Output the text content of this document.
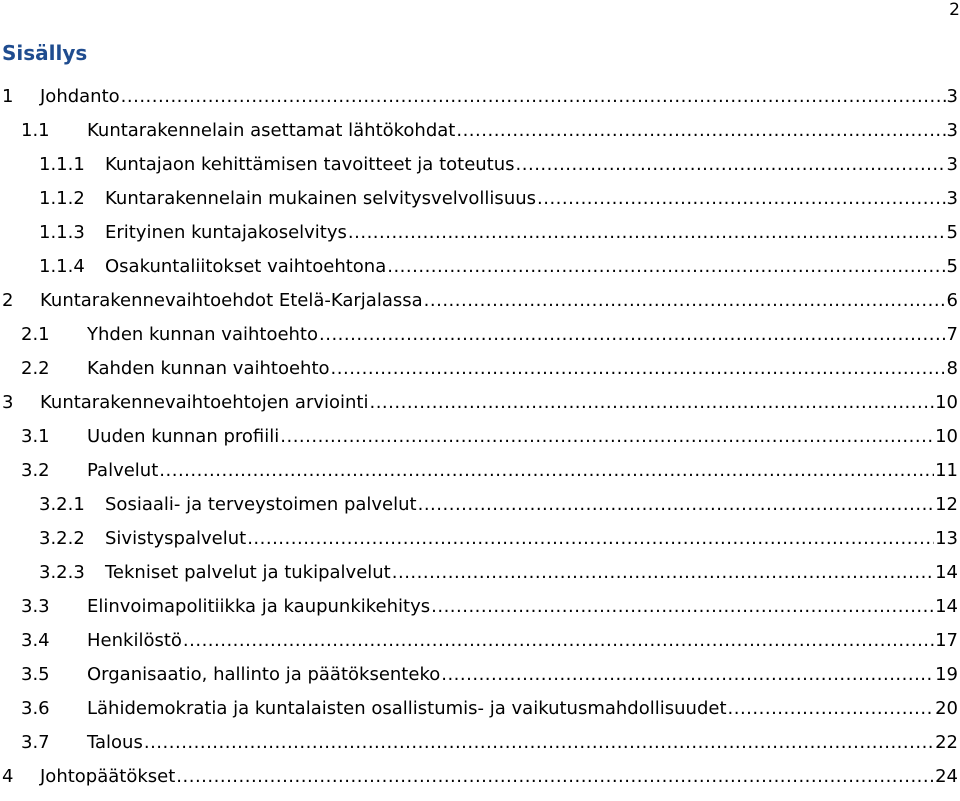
2
Sisällys
1	Johdanto .....	3
1.1	Kuntarakennelain asettamat lähtökohdat .....	3
1.1.1	Kuntajaon kehittämisen tavoitteet ja toteutus .....	3
1.1.2	Kuntarakennelain mukainen selvitysvelvollisuus .....	3
1.1.3	Erityinen kuntajakoselvitys .....	5
1.1.4	Osakuntaliitokset vaihtoehtona .....	5
2	Kuntarakennevaihtoehdot Etelä-Karjalassa .....	6
2.1	Yhden kunnan vaihtoehto .....	7
2.2	Kahden kunnan vaihtoehto .....	8
3	Kuntarakennevaihtoehtojen arviointi .....	10
3.1	Uuden kunnan profiili .....	10
3.2	Palvelut .....	11
3.2.1	Sosiaali- ja terveystoimen palvelut .....	12
3.2.2	Sivistyspalvelut .....	13
3.2.3	Tekniset palvelut ja tukipalvelut .....	14
3.3	Elinvoimapolitiikka ja kaupunkikehitys .....	14
3.4	Henkilöstö .....	17
3.5	Organisaatio, hallinto ja päätöksenteko .....	19
3.6	Lähidemokratia ja kuntalaisten osallistumis- ja vaikutusmahdollisuudet .....	20
3.7	Talous .....	22
4	Johtopäätökset .....	24
